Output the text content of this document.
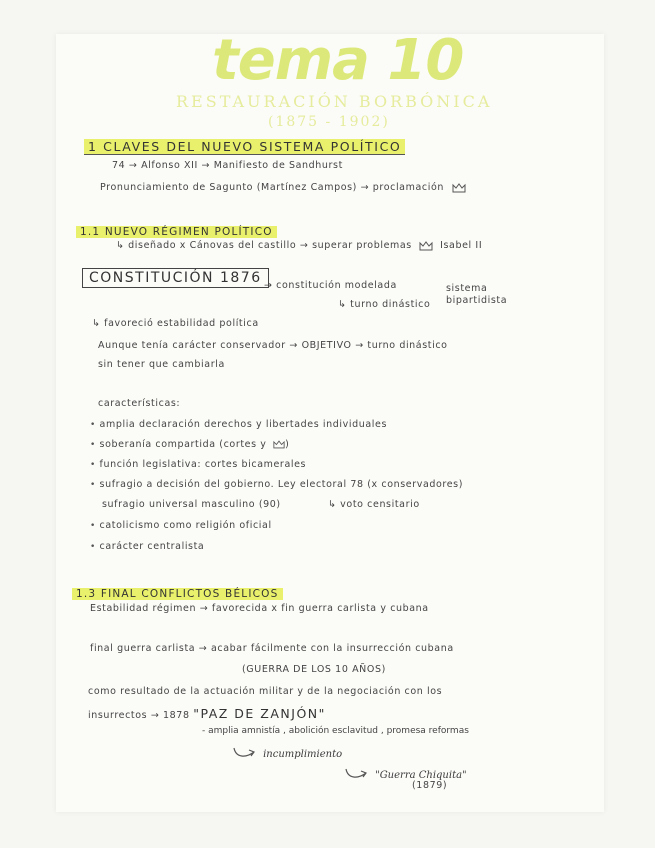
tema 10
RESTAURACIÓN BORBÓNICA
(1875 - 1902)
1 CLAVES DEL NUEVO SISTEMA POLÍTICO
74 → Alfonso XII → Manifiesto de Sandhurst
Pronunciamiento de Sagunto (Martínez Campos) → proclamación
1.1 NUEVO RÉGIMEN POLÍTICO
↳ diseñado x Cánovas del castillo → superar problemas	Isabel II
CONSTITUCIÓN 1876 → constitución modelada	sistema
bipartidista
↳ turno dinástico
↳ favoreció estabilidad política
Aunque tenía carácter conservador → OBJETIVO → turno dinástico
sin tener que cambiarla
características:
• amplia declaración derechos y libertades individuales
• soberanía compartida (cortes y )
• función legislativa: cortes bicamerales
• sufragio a decisión del gobierno. Ley electoral 78 (x conservadores)
sufragio universal masculino (90)	↳ voto censitario
• catolicismo como religión oficial
• carácter centralista
1.3 FINAL CONFLICTOS BÉLICOS
Estabilidad régimen → favorecida x fin guerra carlista y cubana
final guerra carlista → acabar fácilmente con la insurrección cubana
(GUERRA DE LOS 10 AÑOS)
como resultado de la actuación militar y de la negociación con los
insurrectos → 1878 "PAZ DE ZANJÓN"
- amplia amnistía , abolición esclavitud , promesa reformas
incumplimiento
"Guerra Chiquita"
(1879)
